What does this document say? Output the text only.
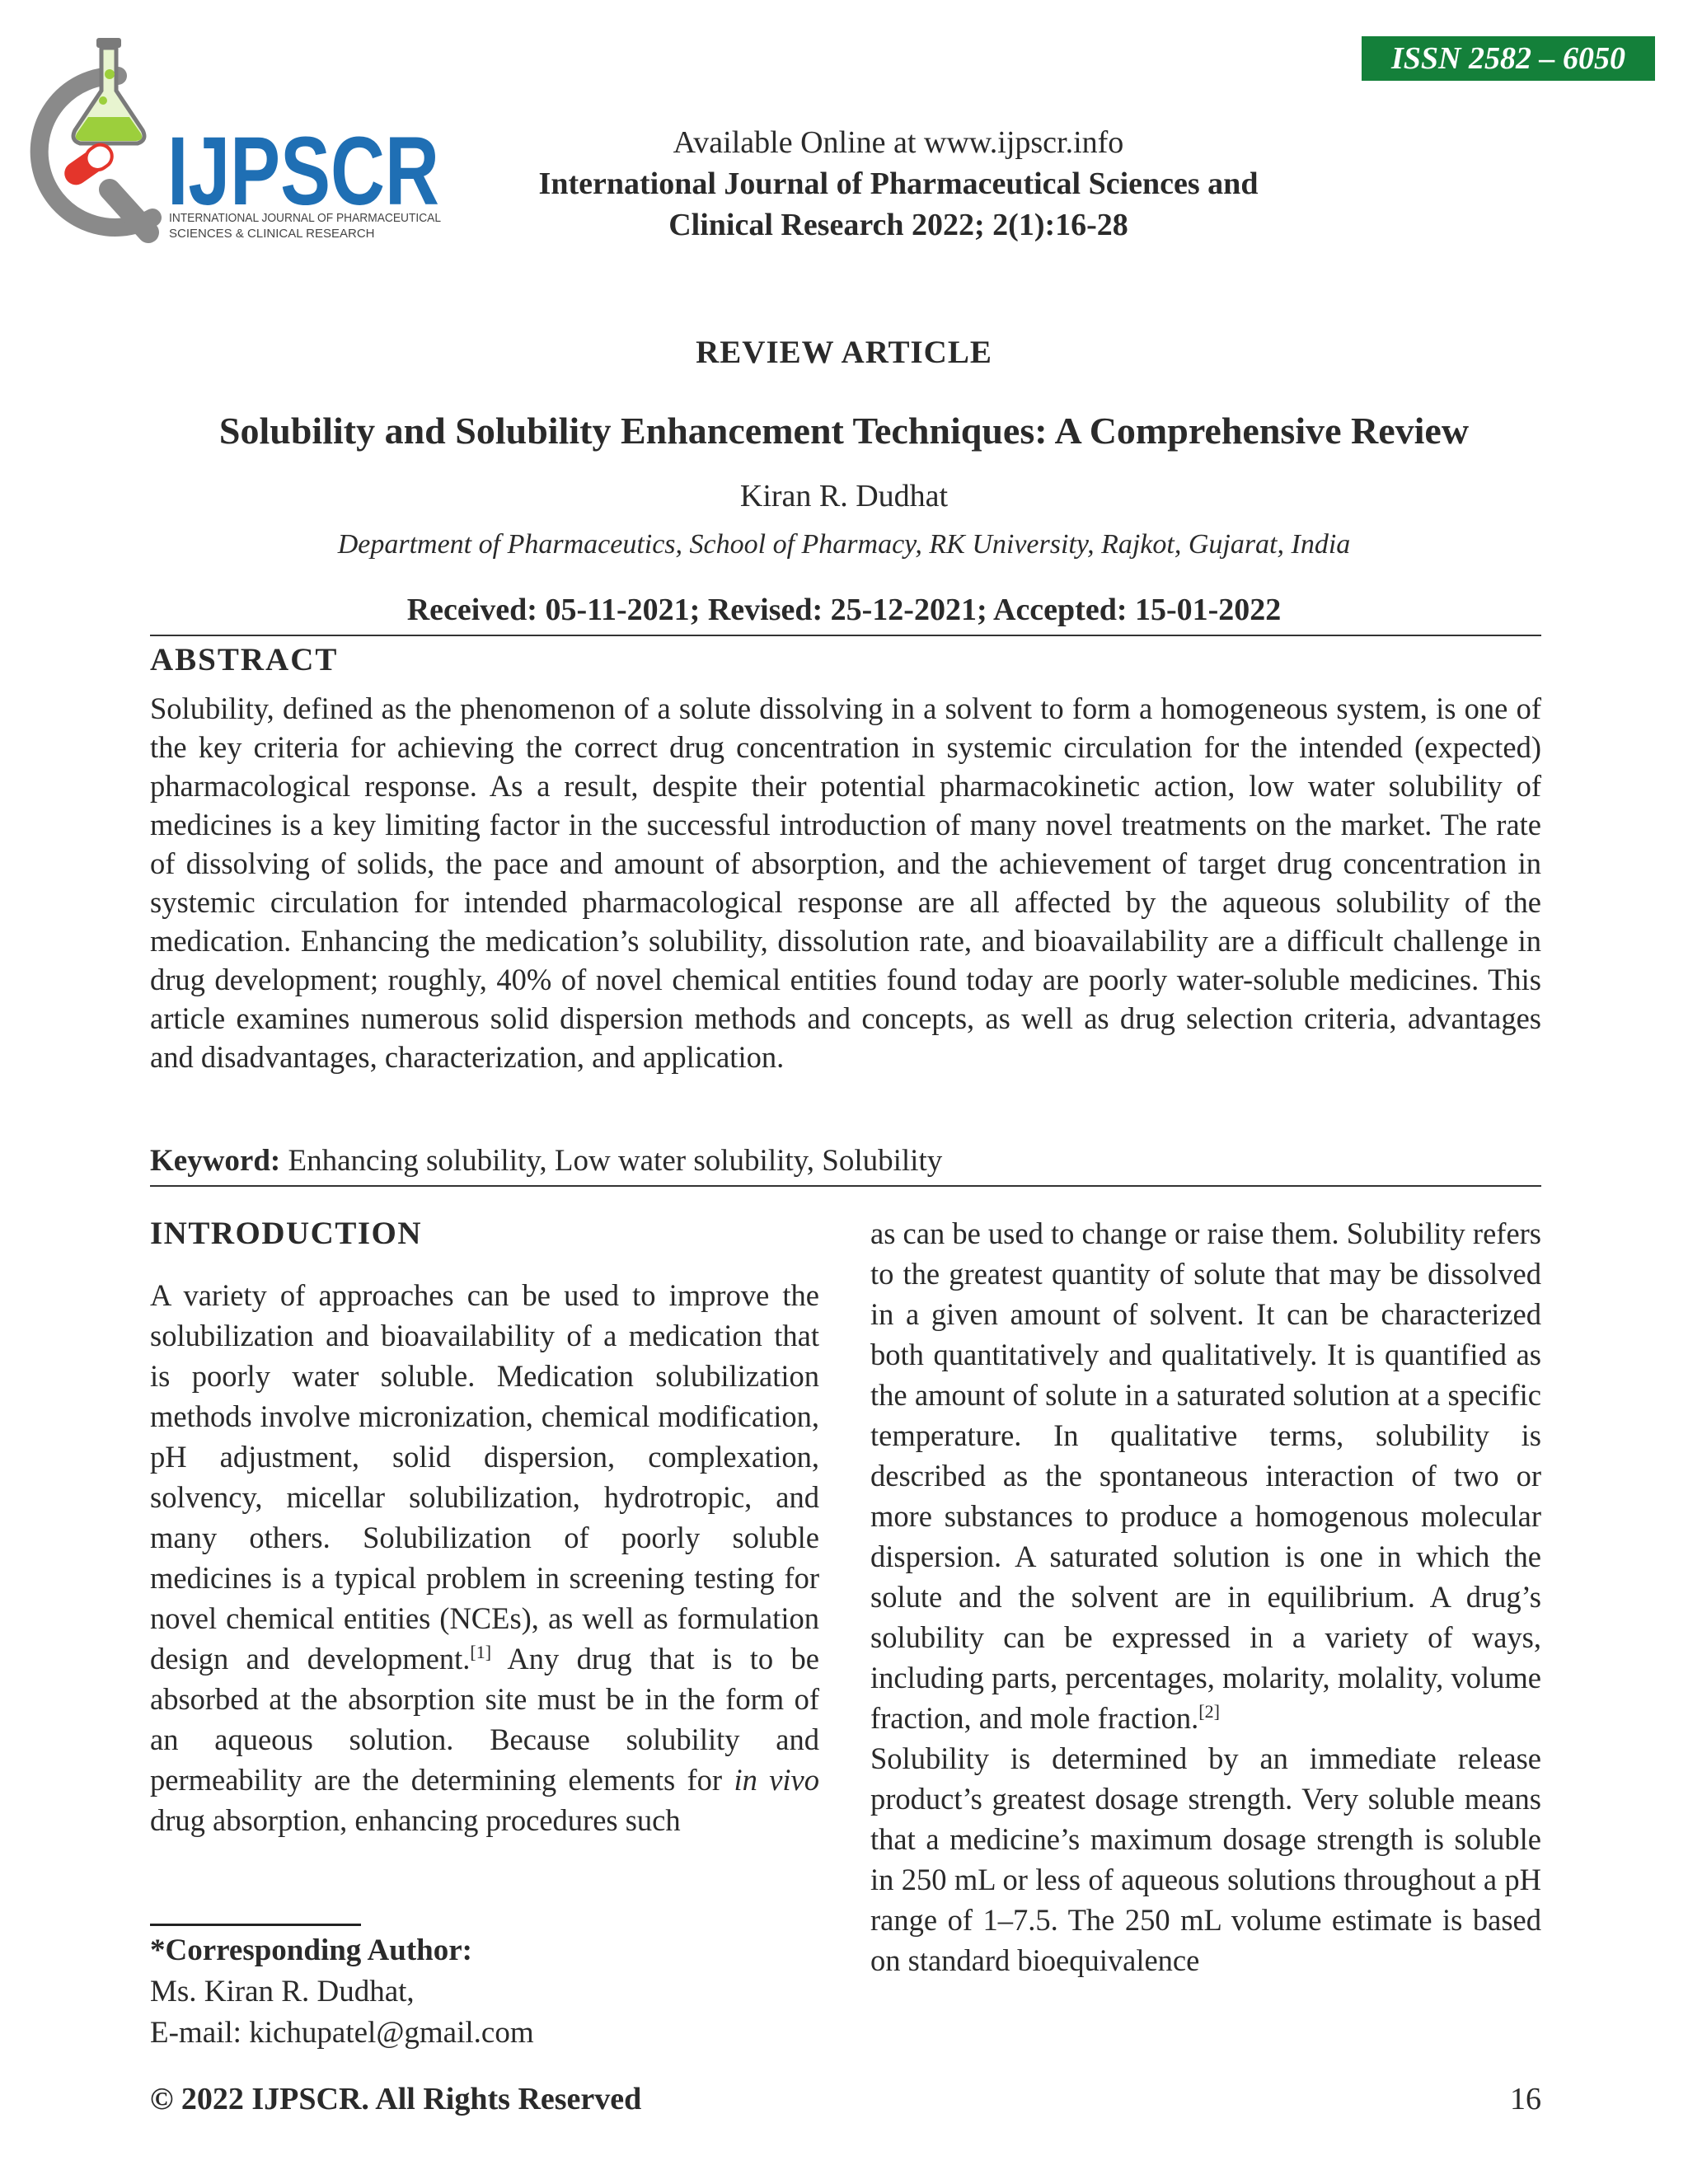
IJPSCR
INTERNATIONAL JOURNAL OF PHARMACEUTICAL
SCIENCES & CLINICAL RESEARCH
ISSN 2582 – 6050
Available Online at www.ijpscr.info
International Journal of Pharmaceutical Sciences and
Clinical Research 2022; 2(1):16-28
REVIEW ARTICLE
Solubility and Solubility Enhancement Techniques: A Comprehensive Review
Kiran R. Dudhat
Department of Pharmaceutics, School of Pharmacy, RK University, Rajkot, Gujarat, India
Received: 05-11-2021; Revised: 25-12-2021; Accepted: 15-01-2022
ABSTRACT

Solubility, defined as the phenomenon of a solute dissolving in a solvent to form a homogeneous system, is one of the key criteria for achieving the correct drug concentration in systemic circulation for the intended (expected) pharmacological response. As a result, despite their potential pharmacokinetic action, low water solubility of medicines is a key limiting factor in the successful introduction of many novel treatments on the market. The rate of dissolving of solids, the pace and amount of absorption, and the achievement of target drug concentration in systemic circulation for intended pharmacological response are all affected by the aqueous solubility of the medication. Enhancing the medication’s solubility, dissolution rate, and bioavailability are a difficult challenge in drug development; roughly, 40% of novel chemical entities found today are poorly water-soluble medicines. This article examines numerous solid dispersion methods and concepts, as well as drug selection criteria, advantages and disadvantages, characterization, and application.

Keyword: Enhancing solubility, Low water solubility, Solubility
INTRODUCTION

A variety of approaches can be used to improve the solubilization and bioavailability of a medication that is poorly water soluble. Medication solubilization methods involve micronization, chemical modification, pH adjustment, solid dispersion, complexation, solvency, micellar solubilization, hydrotropic, and many others. Solubilization of poorly soluble medicines is a typical problem in screening testing for novel chemical entities (NCEs), as well as formulation design and development.[1] Any drug that is to be absorbed at the absorption site must be in the form of an aqueous solution. Because solubility and permeability are the determining elements for in vivo drug absorption, enhancing procedures such

as can be used to change or raise them. Solubility refers to the greatest quantity of solute that may be dissolved in a given amount of solvent. It can be characterized both quantitatively and qualitatively. It is quantified as the amount of solute in a saturated solution at a specific temperature. In qualitative terms, solubility is described as the spontaneous interaction of two or more substances to produce a homogenous molecular dispersion. A saturated solution is one in which the solute and the solvent are in equilibrium. A drug’s solubility can be expressed in a variety of ways, including parts, percentages, molarity, molality, volume fraction, and mole fraction.[2]

Solubility is determined by an immediate release product’s greatest dosage strength. Very soluble means that a medicine’s maximum dosage strength is soluble in 250 mL or less of aqueous solutions throughout a pH range of 1–7.5. The 250 mL volume estimate is based on standard bioequivalence

*Corresponding Author:
Ms. Kiran R. Dudhat,
E-mail: kichupatel@gmail.com
© 2022 IJPSCR. All Rights Reserved	16
